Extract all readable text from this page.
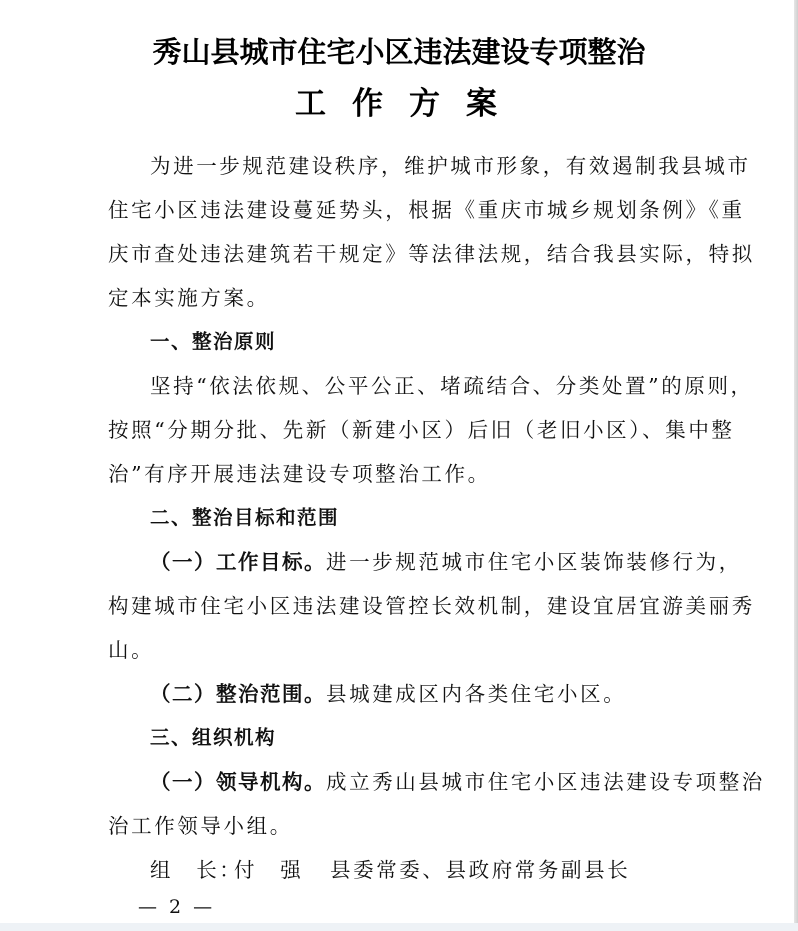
秀山县城市住宅小区违法建设专项整治
工作方案
为进一步规范建设秩序，维护城市形象，有效遏制我县城市
住宅小区违法建设蔓延势头，根据《重庆市城乡规划条例》《重
庆市查处违法建筑若干规定》等法律法规，结合我县实际，特拟
定本实施方案。
一、整治原则
坚持“依法依规、公平公正、堵疏结合、分类处置”的原则，
按照“分期分批、先新（新建小区）后旧（老旧小区）、集中整
治”有序开展违法建设专项整治工作。
二、整治目标和范围
（一）工作目标。进一步规范城市住宅小区装饰装修行为，
构建城市住宅小区违法建设管控长效机制，建设宜居宜游美丽秀
山。
（二）整治范围。县城建成区内各类住宅小区。
三、组织机构
（一）领导机构。成立秀山县城市住宅小区违法建设专项整治
治工作领导小组。
组　长：付　强 县委常委、县政府常务副县长
— 2 —
